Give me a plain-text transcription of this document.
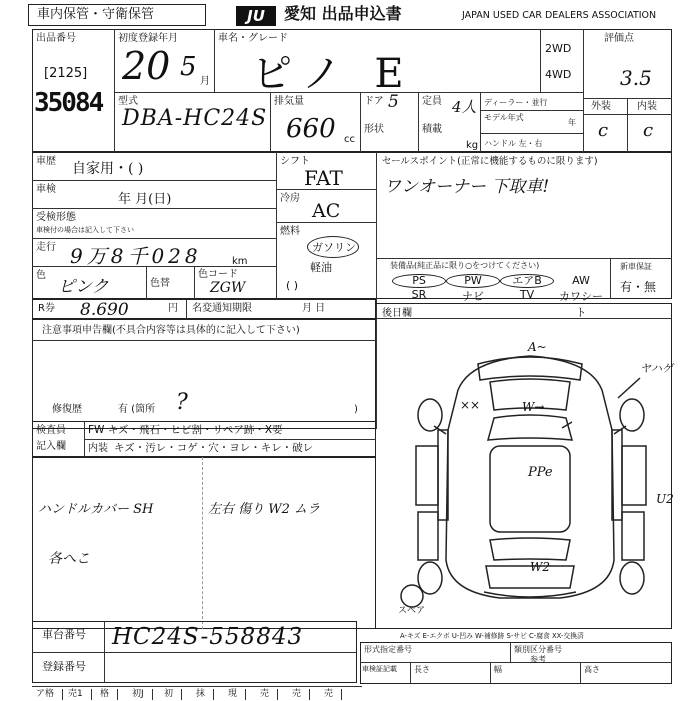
車内保管・守衛保管	JU	愛知 出品申込書	JAPAN USED CAR DEALERS ASSOCIATION
出品番号
[2125]
35084
初度登録年月
20 5 月
車名・グレード
ピノ E
2WD
4WD
評価点
3.5
外装	内装
c c
型式
DBA-HC24S
排気量
660 cc
ドア 5
形状
定員 4人
積載
kg
ディーラー・並行
モデル年式
年
ハンドル 左・右
車歴 自家用・( )
車検
年 月(日)
受検形態
車検付の場合は記入して下さい
走行 9万8千028	km
色
ピンク	色替
色コード
ZGW
シフト
FAT
冷房
AC
燃料
ガソリン
軽油
( )
セールスポイント(正常に機能するものに限ります)
ワンオーナー 下取車!
装備品(純正品に限り○をつけてください)	新車保証
有・無
PS	PW	エアB	AW
SR	ナビ	TV	カワシート
R券 8.690	円 名変通知期限	月 日
注意事項申告欄(不具合内容等は具体的に記入して下さい)
修復歴	有 (箇所	)
?
後日欄
検査員
記入欄
FW キズ・飛石・ヒビ割・リペア跡・X要
内装 キズ・汚レ・コゲ・穴・ヨレ・キレ・破レ
ハンドルカバー SH	左右 傷り W2 ムラ
各へこ
A~
ヤハゲ
××	W→
PPe
U2
W2
スペア
車台番号 HC24S-558843
登録番号
A-キズ E-エクボ U-凹み W-補修跡 S-サビ C-腐食 XX-交換済
形式指定番号	類別区分番号
参考
車検証記載 長さ	幅	高さ
ア格	売1	格	初J	初	抹	現	売	売	売
